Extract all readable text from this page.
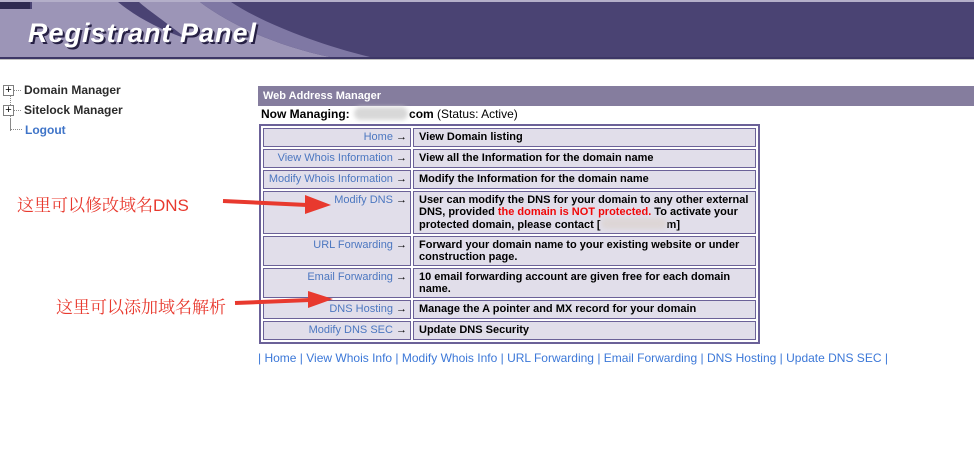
Registrant Panel
+ Domain Manager
+ Sitelock Manager
Logout
Web Address Manager
Now Managing:	com (Status: Active)
Home →	View Domain listing
View Whois Information →	View all the Information for the domain name
Modify Whois Information →	Modify the Information for the domain name
Modify DNS →	User can modify the DNS for your domain to any other external DNS, provided the domain is NOT protected. To activate your protected domain, please contact [ m]
URL Forwarding →	Forward your domain name to your existing website or under construction page.
Email Forwarding →	10 email forwarding account are given free for each domain name.
DNS Hosting →	Manage the A pointer and MX record for your domain
Modify DNS SEC →	Update DNS Security
| Home | View Whois Info | Modify Whois Info | URL Forwarding | Email Forwarding | DNS Hosting | Update DNS SEC |
这里可以修改域名DNS
这里可以添加域名解析
